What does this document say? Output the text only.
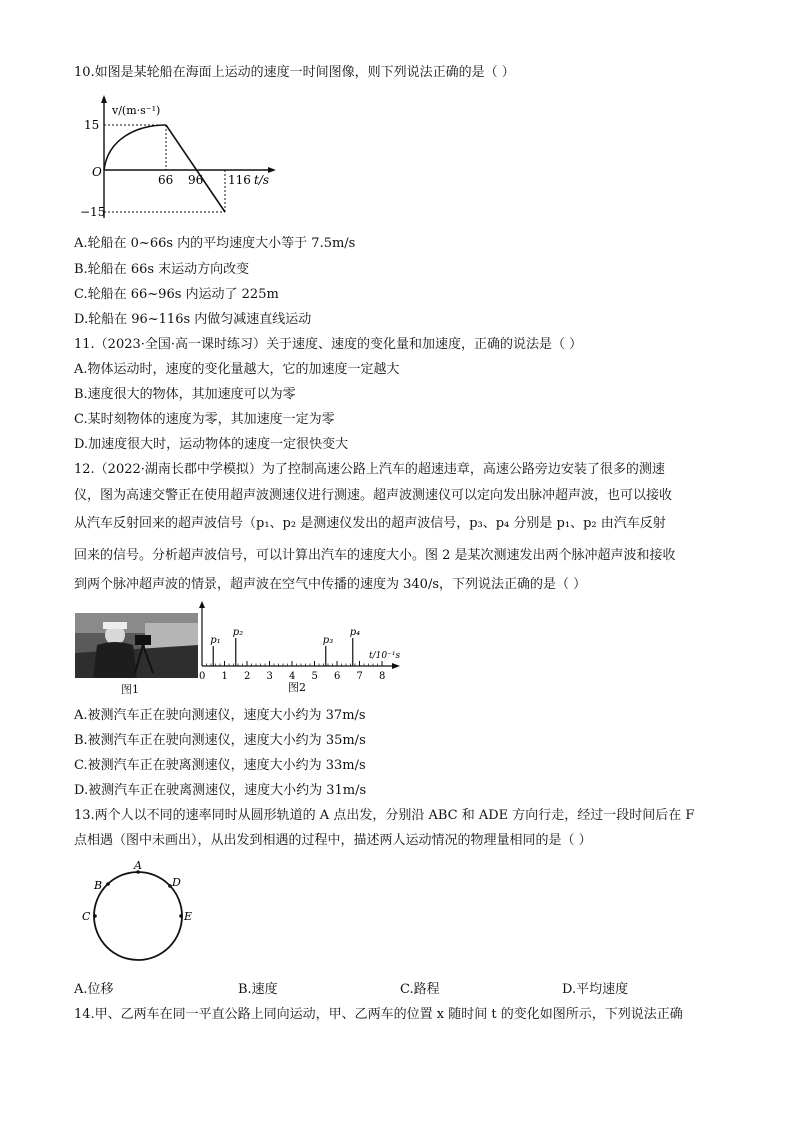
10.如图是某轮船在海面上运动的速度一时间图像，则下列说法正确的是（ ）
v/(m·s⁻¹)
15
−15
O
66 96 116 t/s
A.轮船在 0~66s 内的平均速度大小等于 7.5m/s
B.轮船在 66s 末运动方向改变
C.轮船在 66~96s 内运动了 225m
D.轮船在 96~116s 内做匀减速直线运动
11.（2023·全国·高一课时练习）关于速度、速度的变化量和加速度，正确的说法是（ ）
A.物体运动时，速度的变化量越大，它的加速度一定越大
B.速度很大的物体，其加速度可以为零
C.某时刻物体的速度为零，其加速度一定为零
D.加速度很大时，运动物体的速度一定很快变大
12.（2022·湖南长郡中学模拟）为了控制高速公路上汽车的超速违章，高速公路旁边安装了很多的测速
仪，图为高速交警正在使用超声波测速仪进行测速。超声波测速仪可以定向发出脉冲超声波，也可以接收
从汽车反射回来的超声波信号（p₁、p₂ 是测速仪发出的超声波信号，p₃、p₄ 分别是 p₁、p₂ 由汽车反射
回来的信号。分析超声波信号，可以计算出汽车的速度大小。图 2 是某次测速发出两个脉冲超声波和接收
到两个脉冲超声波的情景，超声波在空气中传播的速度为 340/s，下列说法正确的是（ ）
图1
0 1 2 3 4 5 6 7 8
p₁
p₂
p₃
p₄
t/10⁻¹s
图2
A.被测汽车正在驶向测速仪，速度大小约为 37m/s
B.被测汽车正在驶向测速仪，速度大小约为 35m/s
C.被测汽车正在驶离测速仪，速度大小约为 33m/s
D.被测汽车正在驶离测速仪，速度大小约为 31m/s
13.两个人以不同的速率同时从圆形轨道的 A 点出发，分别沿 ABC 和 ADE 方向行走，经过一段时间后在 F
点相遇（图中未画出），从出发到相遇的过程中，描述两人运动情况的物理量相同的是（ ）
A
B
C
D
E
A.位移	B.速度	C.路程	D.平均速度
14.甲、乙两车在同一平直公路上同向运动，甲、乙两车的位置 x 随时间 t 的变化如图所示，下列说法正确
